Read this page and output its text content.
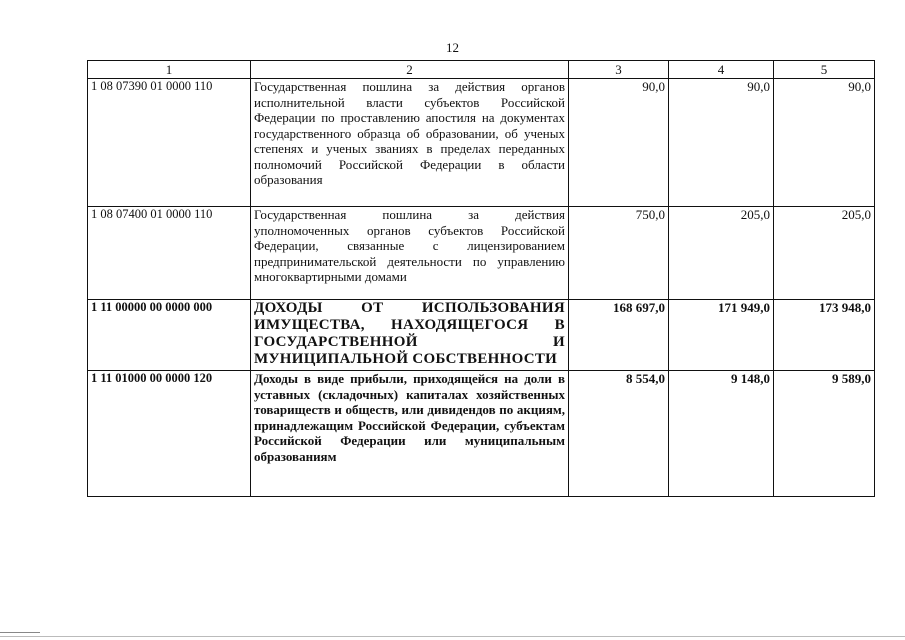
12
1	2	3	4	5
1 08 07390 01 0000 110	Государственная пошлина за действия органов исполнительной власти субъектов Российской Федерации по проставлению апостиля на документах государственного образца об образовании, об ученых степенях и ученых званиях в пределах переданных полномочий Российской Федерации в области образования	90,0	90,0	90,0
1 08 07400 01 0000 110	Государственная пошлина за действия уполномоченных органов субъектов Российской Федерации, связанные с лицензированием предпринимательской деятельности по управлению многоквартирными домами	750,0	205,0	205,0
1 11 00000 00 0000 000	ДОХОДЫ ОТ ИСПОЛЬЗОВАНИЯ ИМУЩЕСТВА, НАХОДЯЩЕГОСЯ В ГОСУДАРСТВЕННОЙ И МУНИЦИПАЛЬНОЙ СОБСТВЕННОСТИ	168 697,0	171 949,0	173 948,0
1 11 01000 00 0000 120	Доходы в виде прибыли, приходящейся на доли в уставных (складочных) капиталах хозяйственных товариществ и обществ, или дивидендов по акциям, принадлежащим Российской Федерации, субъектам Российской Федерации или муниципальным образованиям	8 554,0	9 148,0	9 589,0
